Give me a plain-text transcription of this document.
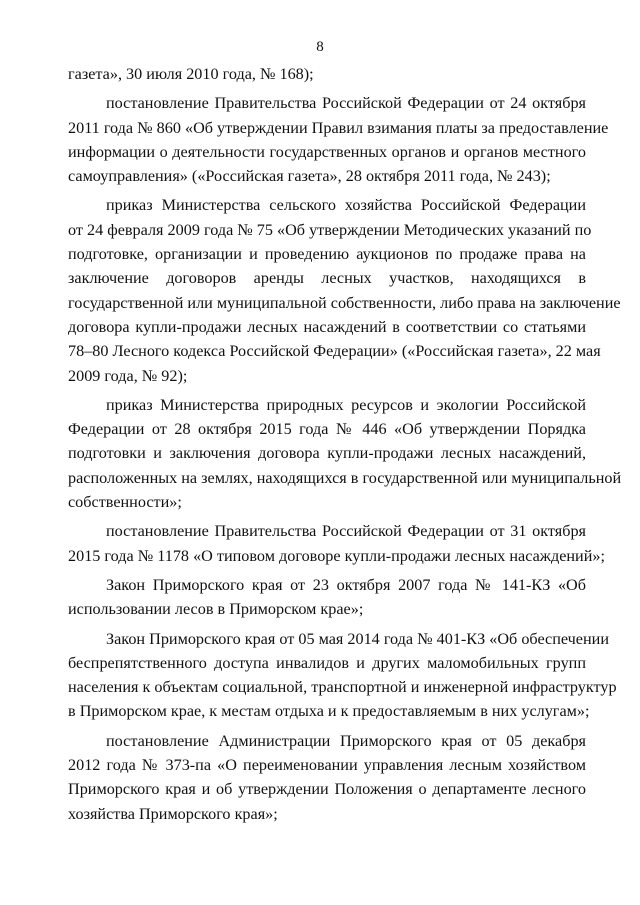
8
газета», 30 июля 2010 года, № 168);
постановление Правительства Российской Федерации от 24 октября
2011 года № 860 «Об утверждении Правил взимания платы за предоставление
информации о деятельности государственных органов и органов местного
самоуправления» («Российская газета», 28 октября 2011 года, № 243);
приказ Министерства сельского хозяйства Российской Федерации
от 24 февраля 2009 года № 75 «Об утверждении Методических указаний по
подготовке, организации и проведению аукционов по продаже права на
заключение договоров аренды лесных участков, находящихся в
государственной или муниципальной собственности, либо права на заключение
договора купли-продажи лесных насаждений в соответствии со статьями
78–80 Лесного кодекса Российской Федерации» («Российская газета», 22 мая
2009 года, № 92);
приказ Министерства природных ресурсов и экологии Российской
Федерации от 28 октября 2015 года № 446 «Об утверждении Порядка
подготовки и заключения договора купли-продажи лесных насаждений,
расположенных на землях, находящихся в государственной или муниципальной
собственности»;
постановление Правительства Российской Федерации от 31 октября
2015 года № 1178 «О типовом договоре купли-продажи лесных насаждений»;
Закон Приморского края от 23 октября 2007 года № 141-КЗ «Об
использовании лесов в Приморском крае»;
Закон Приморского края от 05 мая 2014 года № 401-КЗ «Об обеспечении
беспрепятственного доступа инвалидов и других маломобильных групп
населения к объектам социальной, транспортной и инженерной инфраструктур
в Приморском крае, к местам отдыха и к предоставляемым в них услугам»;
постановление Администрации Приморского края от 05 декабря
2012 года № 373-па «О переименовании управления лесным хозяйством
Приморского края и об утверждении Положения о департаменте лесного
хозяйства Приморского края»;
